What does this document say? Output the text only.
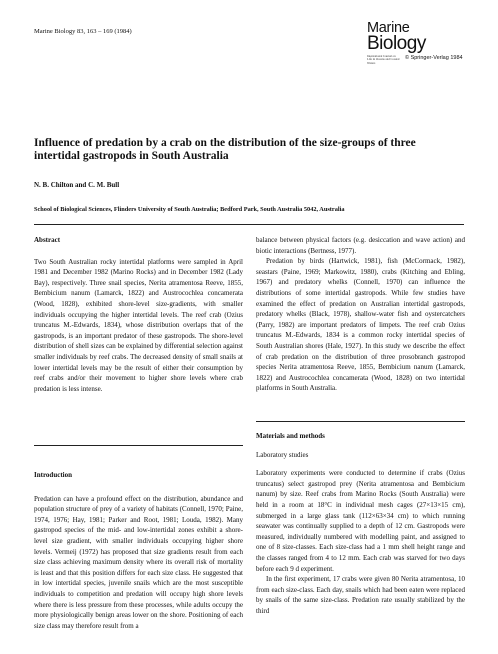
Marine Biology 83, 163 – 169 (1984)	Marine
Biology
International Journal on Life in Oceans and Coastal Waters
© Springer-Verlag 1984
Influence of predation by a crab on the distribution of the size-groups of three intertidal gastropods in South Australia
N. B. Chilton and C. M. Bull
School of Biological Sciences, Flinders University of South Australia; Bedford Park, South Australia 5042, Australia
Abstract

Two South Australian rocky intertidal platforms were sampled in April 1981 and December 1982 (Marino Rocks) and in December 1982 (Lady Bay), respectively. Three snail species, Nerita atramentosa Reeve, 1855, Bembicium nanum (Lamarck, 1822) and Austrocochlea concamerata (Wood, 1828), exhibited shore-level size-gradients, with smaller individuals occupying the higher intertidal levels. The reef crab (Ozius truncatus M.-Edwards, 1834), whose distribution overlaps that of the gastropods, is an important predator of these gastropods. The shore-level distribution of shell sizes can be explained by differential selection against smaller individuals by reef crabs. The decreased density of small snails at lower intertidal levels may be the result of either their consumption by reef crabs and/or their movement to higher shore levels where crab predation is less intense.

Introduction

Predation can have a profound effect on the distribution, abundance and population structure of prey of a variety of habitats (Connell, 1970; Paine, 1974, 1976; Hay, 1981; Parker and Root, 1981; Louda, 1982). Many gastropod species of the mid- and low-intertidal zones exhibit a shore-level size gradient, with smaller individuals occupying higher shore levels. Vermeij (1972) has proposed that size gradients result from each size class achieving maximum density where its overall risk of mortality is least and that this position differs for each size class. He suggested that in low intertidal species, juvenile snails which are the most susceptible individuals to competition and predation will occupy high shore levels where there is less pressure from these processes, while adults occupy the more physiologically benign areas lower on the shore. Positioning of each size class may therefore result from a

balance between physical factors (e.g. desiccation and wave action) and biotic interactions (Bertness, 1977).

Predation by birds (Hartwick, 1981), fish (McCormack, 1982), seastars (Paine, 1969; Markowitz, 1980), crabs (Kitching and Ebling, 1967) and predatory whelks (Connell, 1970) can influence the distributions of some intertidal gastropods. While few studies have examined the effect of predation on Australian intertidal gastropods, predatory whelks (Black, 1978), shallow-water fish and oystercatchers (Parry, 1982) are important predators of limpets. The reef crab Ozius truncatus M.-Edwards, 1834 is a common rocky intertidal species of South Australian shores (Hale, 1927). In this study we describe the effect of crab predation on the distribution of three prosobranch gastropod species Nerita atramentosa Reeve, 1855, Bembicium nanum (Lamarck, 1822) and Austrocochlea concamerata (Wood, 1828) on two intertidal platforms in South Australia.

Materials and methods
Laboratory studies

Laboratory experiments were conducted to determine if crabs (Ozius truncatus) select gastropod prey (Nerita atramentosa and Bembicium nanum) by size. Reef crabs from Marino Rocks (South Australia) were held in a room at 18°C in individual mesh cages (27×13×15 cm), submerged in a large glass tank (112×63×34 cm) to which running seawater was continually supplied to a depth of 12 cm. Gastropods were measured, individually numbered with modelling paint, and assigned to one of 8 size-classes. Each size-class had a 1 mm shell height range and the classes ranged from 4 to 12 mm. Each crab was starved for two days before each 9 d experiment.

In the first experiment, 17 crabs were given 80 Nerita atramentosa, 10 from each size-class. Each day, snails which had been eaten were replaced by snails of the same size-class. Predation rate usually stabilized by the third
